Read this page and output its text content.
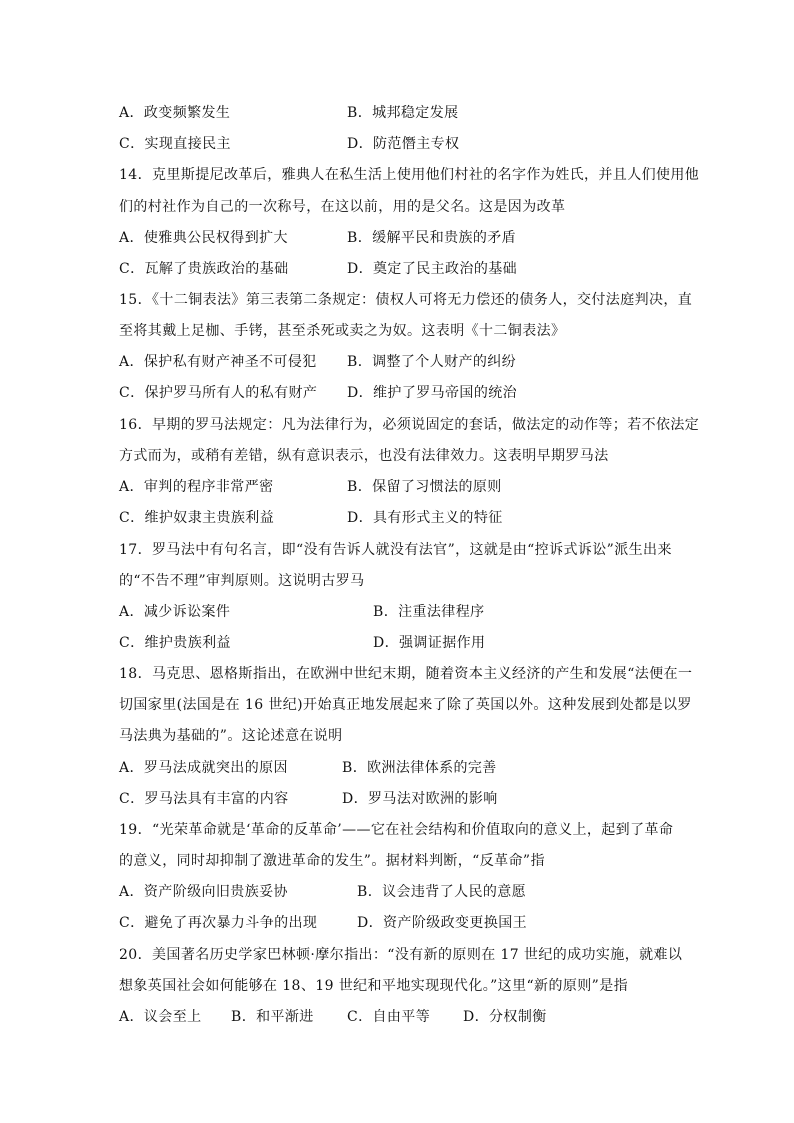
A．政变频繁发生	B．城邦稳定发展
C．实现直接民主	D．防范僭主专权
14．克里斯提尼改革后，雅典人在私生活上使用他们村社的名字作为姓氏，并且人们使用他
们的村社作为自己的一次称号，在这以前，用的是父名。这是因为改革
A．使雅典公民权得到扩大	B．缓解平民和贵族的矛盾
C．瓦解了贵族政治的基础	D．奠定了民主政治的基础
15．《十二铜表法》第三表第二条规定：债权人可将无力偿还的债务人，交付法庭判决，直
至将其戴上足枷、手铐，甚至杀死或卖之为奴。这表明《十二铜表法》
A．保护私有财产神圣不可侵犯 B．调整了个人财产的纠纷
C．保护罗马所有人的私有财产 D．维护了罗马帝国的统治
16．早期的罗马法规定：凡为法律行为，必须说固定的套话，做法定的动作等；若不依法定
方式而为，或稍有差错，纵有意识表示，也没有法律效力。这表明早期罗马法
A．审判的程序非常严密	B．保留了习惯法的原则
C．维护奴隶主贵族利益	D．具有形式主义的特征
17．罗马法中有句名言，即“没有告诉人就没有法官”，这就是由“控诉式诉讼”派生出来
的“不告不理”审判原则。这说明古罗马
A．减少诉讼案件	B．注重法律程序
C．维护贵族利益	D．强调证据作用
18．马克思、恩格斯指出，在欧洲中世纪末期，随着资本主义经济的产生和发展“法便在一
切国家里(法国是在 16 世纪)开始真正地发展起来了除了英国以外。这种发展到处都是以罗
马法典为基础的”。这论述意在说明
A．罗马法成就突出的原因	B．欧洲法律体系的完善
C．罗马法具有丰富的内容	D．罗马法对欧洲的影响
19．“光荣革命就是‘革命的反革命’——它在社会结构和价值取向的意义上，起到了革命
的意义，同时却抑制了激进革命的发生”。据材料判断，“反革命”指
A．资产阶级向旧贵族妥协	B．议会违背了人民的意愿
C．避免了再次暴力斗争的出现	D．资产阶级政变更换国王
20．美国著名历史学家巴林顿·摩尔指出：“没有新的原则在 17 世纪的成功实施，就难以
想象英国社会如何能够在 18、19 世纪和平地实现现代化。”这里“新的原则”是指
A．议会至上 B．和平渐进 C．自由平等 D．分权制衡
